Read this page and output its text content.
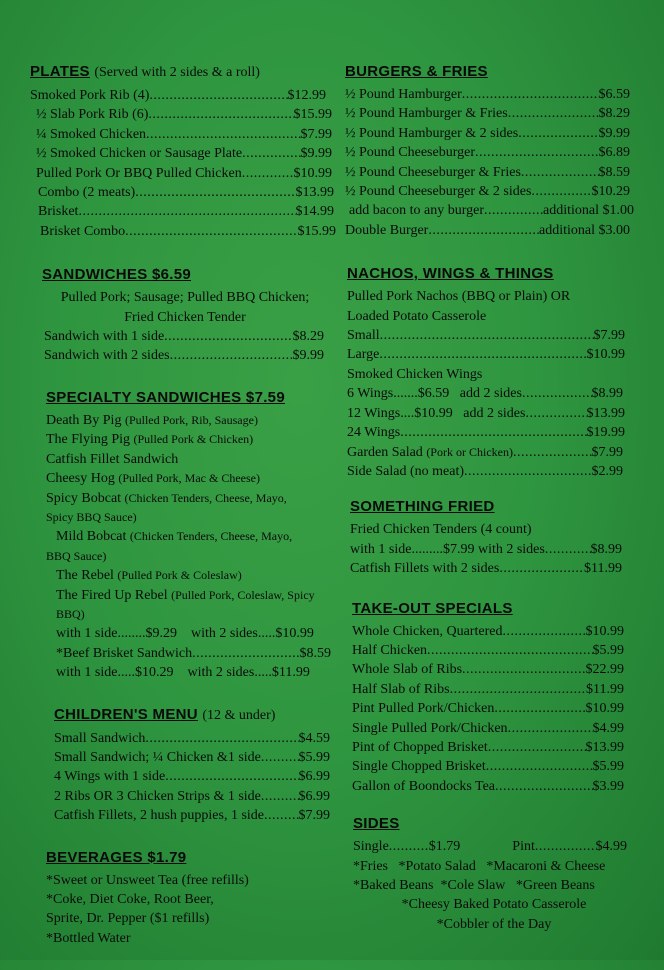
PLATES (Served with 2 sides & a roll)
Smoked Pork Rib (4) .....	$12.99
½ Slab Pork Rib (6) .....	$15.99
¼ Smoked Chicken .....	$7.99
½ Smoked Chicken or Sausage Plate .....	$9.99
Pulled Pork Or BBQ Pulled Chicken .....	$10.99
Combo (2 meats) .....	$13.99
Brisket .....	$14.99
Brisket Combo .....	$15.99
SANDWICHES $6.59
Pulled Pork; Sausage; Pulled BBQ Chicken;
Fried Chicken Tender
Sandwich with 1 side .....	$8.29
Sandwich with 2 sides .....	$9.99
SPECIALTY SANDWICHES $7.59
Death By Pig (Pulled Pork, Rib, Sausage)
The Flying Pig (Pulled Pork & Chicken)
Catfish Fillet Sandwich
Cheesy Hog (Pulled Pork, Mac & Cheese)
Spicy Bobcat (Chicken Tenders, Cheese, Mayo,
Spicy BBQ Sauce)
Mild Bobcat (Chicken Tenders, Cheese, Mayo,
BBQ Sauce)
The Rebel (Pulled Pork & Coleslaw)
The Fired Up Rebel (Pulled Pork, Coleslaw, Spicy
BBQ)
with 1 side........$9.29 with 2 sides.....$10.99
*Beef Brisket Sandwich .....	$8.59
with 1 side.....$10.29 with 2 sides.....$11.99
CHILDREN'S MENU (12 & under)
Small Sandwich .....	$4.59
Small Sandwich; ¼ Chicken &1 side .....	$5.99
4 Wings with 1 side .....	$6.99
2 Ribs OR 3 Chicken Strips & 1 side .....	$6.99
Catfish Fillets, 2 hush puppies, 1 side ..... $7.99
BEVERAGES $1.79
*Sweet or Unsweet Tea (free refills)
*Coke, Diet Coke, Root Beer,
Sprite, Dr. Pepper ($1 refills)
*Bottled Water
BURGERS & FRIES
½ Pound Hamburger .....	$6.59
½ Pound Hamburger & Fries .....	$8.29
½ Pound Hamburger & 2 sides .....	$9.99
½ Pound Cheeseburger .....	$6.89
½ Pound Cheeseburger & Fries .....	$8.59
½ Pound Cheeseburger & 2 sides .....	$10.29
add bacon to any burger .....	additional $1.00
Double Burger .....	additional $3.00
NACHOS, WINGS & THINGS
Pulled Pork Nachos (BBQ or Plain) OR
Loaded Potato Casserole
Small .....	$7.99
Large .....	$10.99
Smoked Chicken Wings
6 Wings.......$6.59
add 2 sides .....	$8.99
12 Wings....$10.99
add 2 sides .....	$13.99
24 Wings .....	$19.99
Garden Salad
(Pork or Chicken) .....	$7.99
Side Salad (no meat) .....	$2.99
SOMETHING FRIED
Fried Chicken Tenders (4 count)
with 1 side.........$7.99
with 2 sides .....	$8.99
Catfish Fillets with 2 sides .....	$11.99
TAKE-OUT SPECIALS
Whole Chicken, Quartered .....	$10.99
Half Chicken .....	$5.99
Whole Slab of Ribs .....	$22.99
Half Slab of Ribs .....	$11.99
Pint Pulled Pork/Chicken .....	$10.99
Single Pulled Pork/Chicken .....	$4.99
Pint of Chopped Brisket .....	$13.99
Single Chopped Brisket .....	$5.99
Gallon of Boondocks Tea .....	$3.99
SIDES
Single .....	$1.79	Pint .....	$4.99
*Fries   *Potato Salad   *Macaroni & Cheese
*Baked Beans  *Cole Slaw   *Green Beans
*Cheesy Baked Potato Casserole
*Cobbler of the Day
